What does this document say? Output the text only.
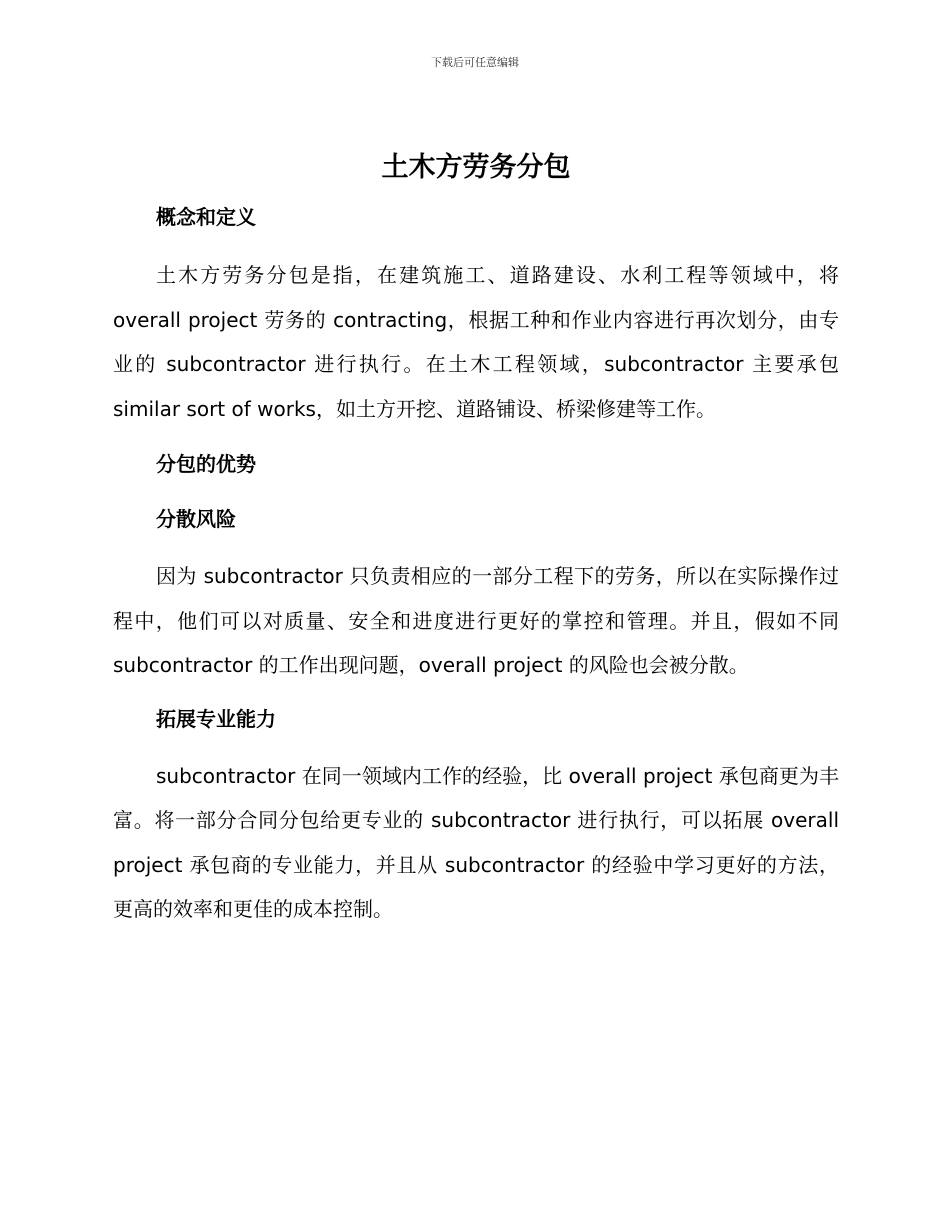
下载后可任意编辑
土木方劳务分包

概念和定义

土木方劳务分包是指，在建筑施工、道路建设、水利工程等领域中，将 overall project 劳务的 contracting，根据工种和作业内容进行再次划分，由专业的 subcontractor 进行执行。在土木工程领域，subcontractor 主要承包 similar sort of works，如土方开挖、道路铺设、桥梁修建等工作。

分包的优势

分散风险

因为 subcontractor 只负责相应的一部分工程下的劳务，所以在实际操作过程中，他们可以对质量、安全和进度进行更好的掌控和管理。并且，假如不同 subcontractor 的工作出现问题，overall project 的风险也会被分散。

拓展专业能力

subcontractor 在同一领域内工作的经验，比 overall project 承包商更为丰富。将一部分合同分包给更专业的 subcontractor 进行执行，可以拓展 overall project 承包商的专业能力，并且从 subcontractor 的经验中学习更好的方法，更高的效率和更佳的成本控制。
